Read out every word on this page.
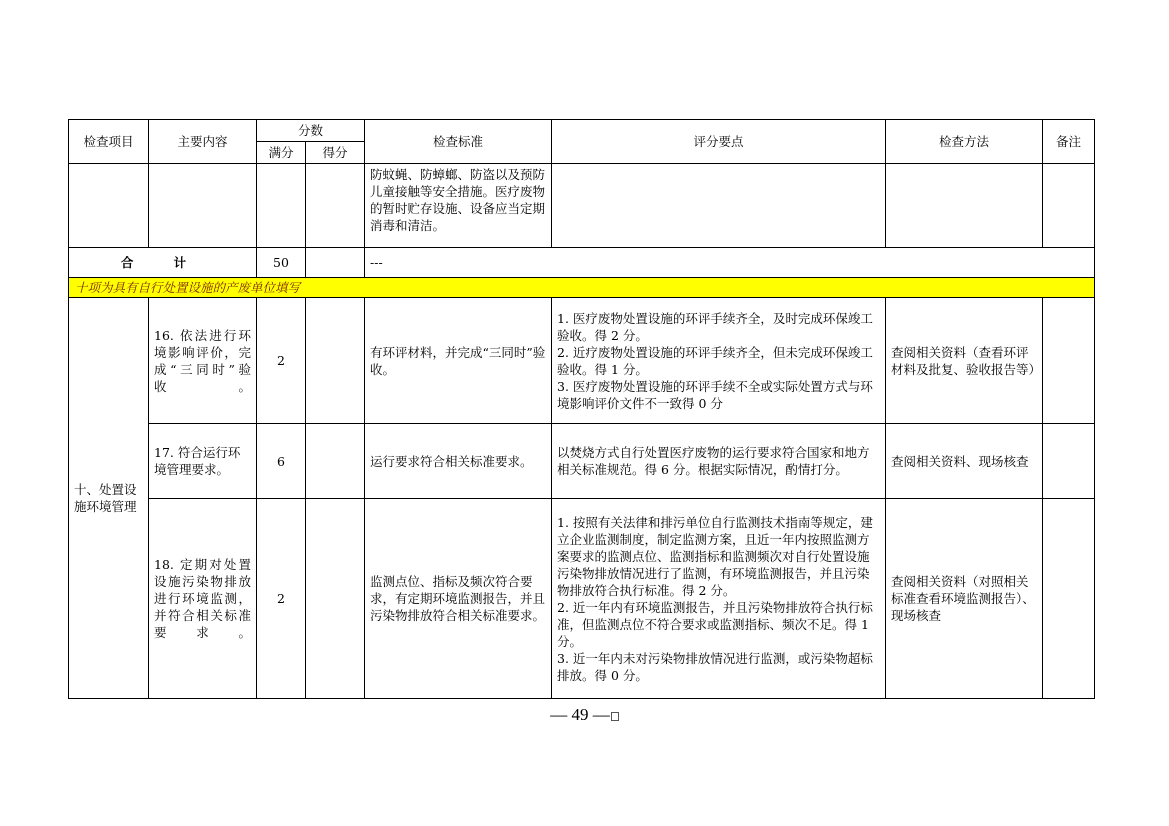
检查项目	主要内容	分数		检查标准	评分要点	检查方法	备注
		满分	得分				
				防蚊蝇、防蟑螂、防盗以及预防儿童接触等安全措施。医疗废物的暂时贮存设施、设备应当定期消毒和清洁。			
合 计		50		---			
十项为具有自行处置设施的产废单位填写							
十、处置设施环境管理	16. 依法进行环境影响评价，完成“三同时”验收。	2		有环评材料，并完成“三同时”验收。	1. 医疗废物处置设施的环评手续齐全，及时完成环保竣工验收。得 2 分。
2. 近疗废物处置设施的环评手续齐全，但未完成环保竣工验收。得 1 分。
3. 医疗废物处置设施的环评手续不全或实际处置方式与环境影响评价文件不一致得 0 分	查阅相关资料（查看环评材料及批复、验收报告等）	
	17. 符合运行环境管理要求。	6		运行要求符合相关标准要求。	以焚烧方式自行处置医疗废物的运行要求符合国家和地方相关标准规范。得 6 分。根据实际情况，酌情打分。	查阅相关资料、现场核查	
	18. 定期对处置设施污染物排放进行环境监测，并符合相关标准要求。	2		监测点位、指标及频次符合要求，有定期环境监测报告，并且污染物排放符合相关标准要求。	1. 按照有关法律和排污单位自行监测技术指南等规定，建立企业监测制度，制定监测方案，且近一年内按照监测方案要求的监测点位、监测指标和监测频次对自行处置设施污染物排放情况进行了监测，有环境监测报告，并且污染物排放符合执行标准。得 2 分。
2. 近一年内有环境监测报告，并且污染物排放符合执行标准，但监测点位不符合要求或监测指标、频次不足。得 1 分。
3. 近一年内未对污染物排放情况进行监测，或污染物超标排放。得 0 分。	查阅相关资料（对照相关标准查看环境监测报告）、现场核查	
— 49 —
